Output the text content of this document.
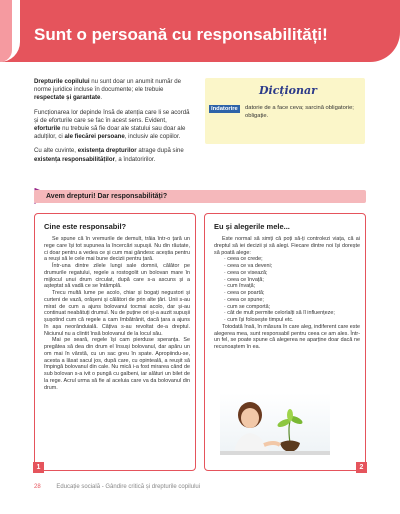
Sunt o persoană cu responsabilități!

Drepturile copilului nu sunt doar un anumit număr de norme juridice incluse în documente; ele trebuie respectate și garantate.

Funcționarea lor depinde însă de atenția care li se acordă și de eforturile care se fac în acest sens. Evident, eforturile nu trebuie să fie doar ale statului sau doar ale adulților, ci ale fiecărei persoane, inclusiv ale copiilor.

Cu alte cuvinte, existența drepturilor atrage după sine existența responsabilităților, a îndatoririlor.

Dicționar
îndatorire	datorie de a face ceva; sarcină obligatorie; obligație.
Avem drepturi! Dar responsabilități?
Cine este responsabil?

Se spune că în vremurile de demult, trăia într-o țară un rege care își tot supunea la încercări supușii. Nu din răutate, ci doar pentru a vedea ce și cum mai gândesc aceștia pentru a reuși să le cele mai bune decizii pentru țară.

Într-una dintre zilele lungi sale domnii, călător pe drumurile regatului, regele a rostogolit un bolovan mare în mijlocul unui drum circulat, după care s-a ascuns și a așteptat să vadă ce se întâmplă.

Trecu multă lume pe acolo, chiar și bogați negustori și curteni de vază, orășeni și călători de prin alte țări. Unii s-au mirat de cum a ajuns bolovanul tocmai acolo, dar și-au continuat neabătuți drumul. Nu de puține ori și-a auzit supușii șușotind cum că regele a cam îmbătrânit, dacă țara a ajuns în așa neorânduială. Câțiva s-au revoltat de-a dreptul. Niciunul nu a clintit însă bolovanul de la locul său.

Mai pe seară, regele își cam pierduse speranța. Se pregătea să dea din drum el însuși bolovanul, dar apăru un om mai în vârstă, cu un sac greu în spate. Apropiindu-se, acesta a lăsat sacul jos, după care, cu opinteală, a reușit să împingă bolovanul din cale. Nu mică i-a fost mirarea când de sub bolovan s-a ivit o pungă cu galbeni, iar alături un bilet de la rege. Acrul urma să fie al aceluia care va da bolovanul din drum.

1
Eu și alegerile mele...

Este normal să simți că poți să-ți controlezi viața, că ai dreptul să iei decizii și să alegi. Fiecare dintre noi își dorește să poată alege:

· ceea ce crede;
· ceea ce va deveni;
· ceea ce visează;
· ceea ce învață;
· cum învață;
· ceea ce poartă;
· ceea ce spune;
· cum se comportă;
· cât de mult permite celorlalți să îl influențeze;
· cum își folosește timpul etc.

Totodată însă, în măsura în care aleg, indiferent care este alegerea mea, sunt responsabil pentru ceea ce am ales. Într-un fel, se poate spune că alegerea ne aparține doar dacă ne recunoaștem în ea.

2
28	Educație socială - Gândire critică și drepturile copilului
